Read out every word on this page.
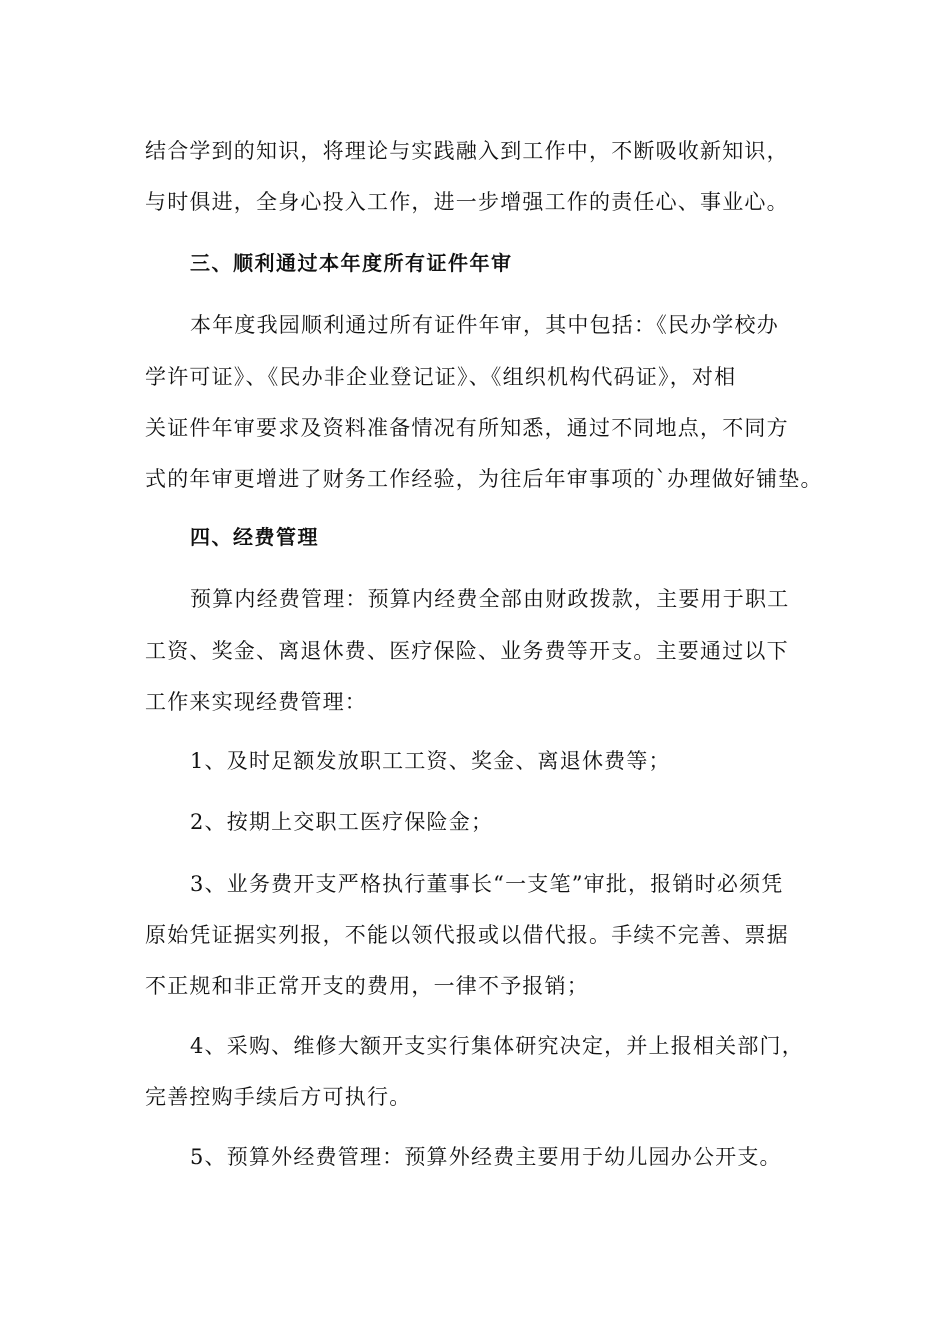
结合学到的知识，将理论与实践融入到工作中，不断吸收新知识，
与时俱进，全身心投入工作，进一步增强工作的责任心、事业心。
三、顺利通过本年度所有证件年审
本年度我园顺利通过所有证件年审，其中包括：《民办学校办
学许可证》、《民办非企业登记证》、《组织机构代码证》，对相
关证件年审要求及资料准备情况有所知悉，通过不同地点，不同方
式的年审更增进了财务工作经验，为往后年审事项的`办理做好铺垫。
四、经费管理
预算内经费管理：预算内经费全部由财政拨款，主要用于职工
工资、奖金、离退休费、医疗保险、业务费等开支。主要通过以下
工作来实现经费管理：
1、及时足额发放职工工资、奖金、离退休费等；
2、按期上交职工医疗保险金；
3、业务费开支严格执行董事长“一支笔”审批，报销时必须凭
原始凭证据实列报，不能以领代报或以借代报。手续不完善、票据
不正规和非正常开支的费用，一律不予报销；
4、采购、维修大额开支实行集体研究决定，并上报相关部门，
完善控购手续后方可执行。
5、预算外经费管理：预算外经费主要用于幼儿园办公开支。
